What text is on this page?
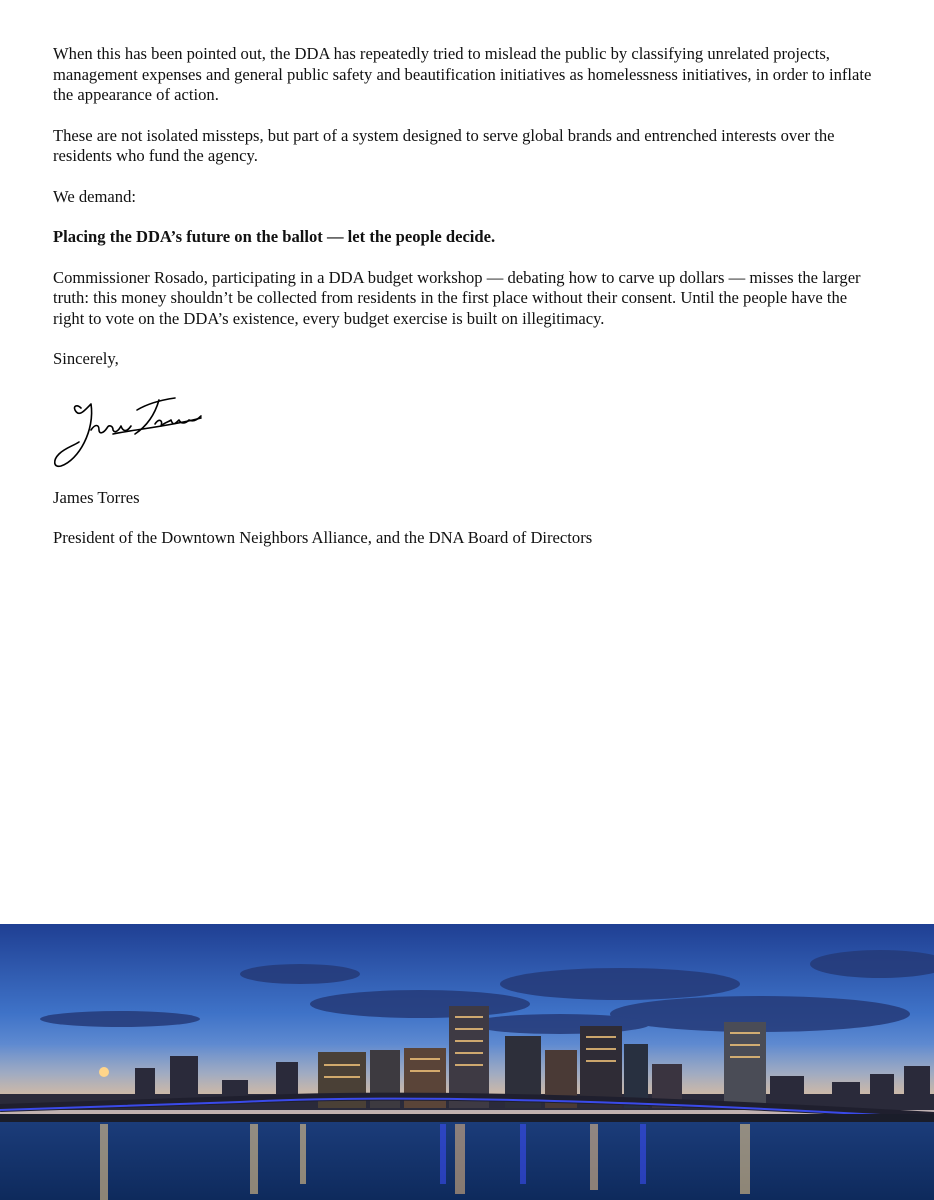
When this has been pointed out, the DDA has repeatedly tried to mislead the public by classifying unrelated projects, management expenses and general public safety and beautification initiatives as homelessness initiatives, in order to inflate the appearance of action.

These are not isolated missteps, but part of a system designed to serve global brands and entrenched interests over the residents who fund the agency.

We demand:

Placing the DDA’s future on the ballot — let the people decide.

Commissioner Rosado, participating in a DDA budget workshop — debating how to carve up dollars — misses the larger truth: this money shouldn’t be collected from residents in the first place without their consent. Until the people have the right to vote on the DDA’s existence, every budget exercise is built on illegitimacy.

Sincerely,

James Torres

President of the Downtown Neighbors Alliance, and the DNA Board of Directors
